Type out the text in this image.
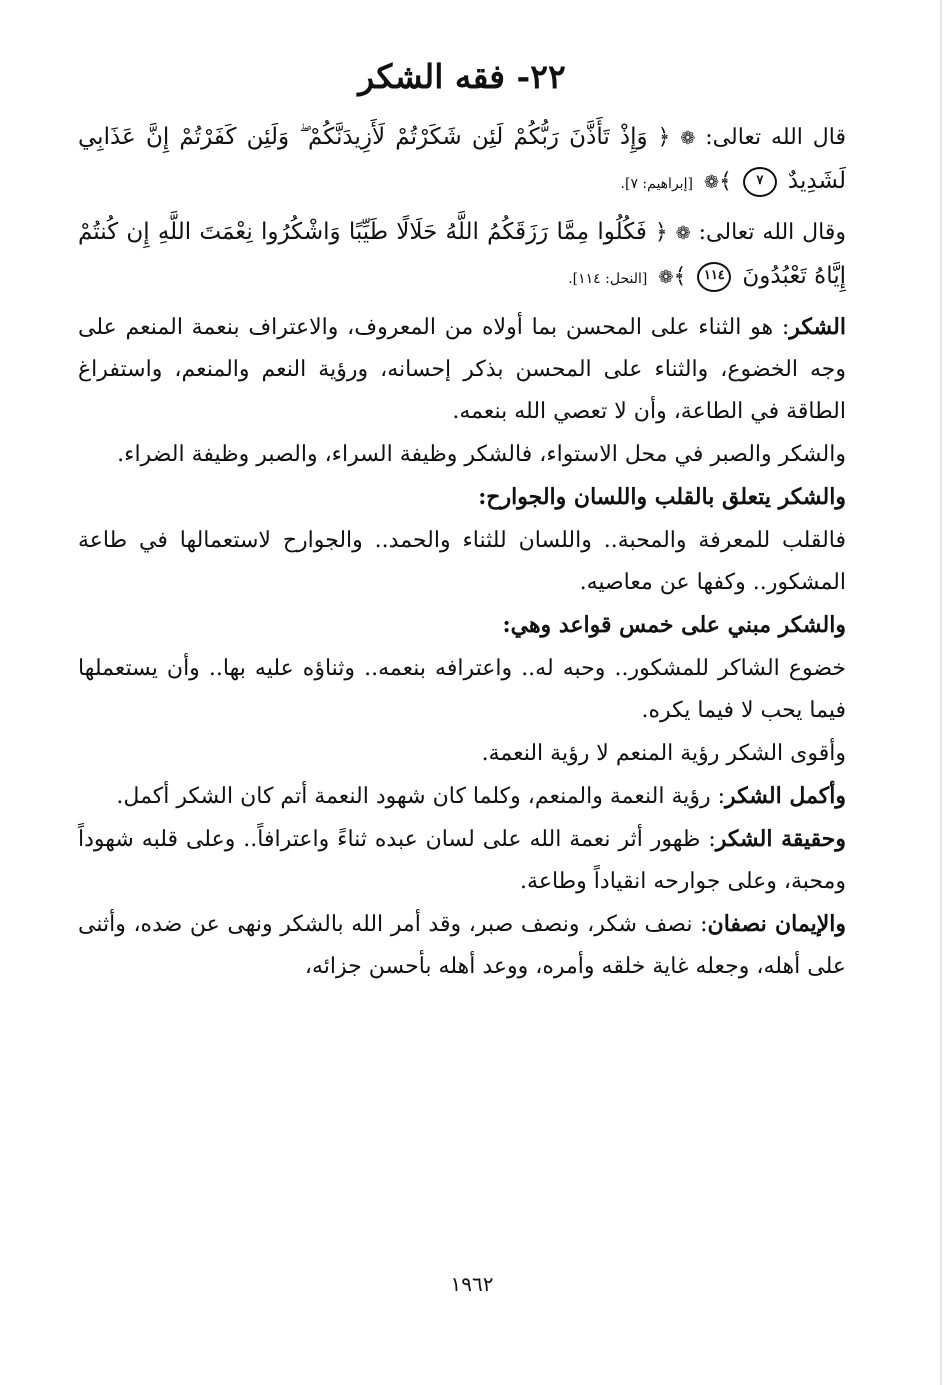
٢٢- فقه الشكر

قال الله تعالى: ❁ ﴿ وَإِذْ تَأَذَّنَ رَبُّكُمْ لَئِن شَكَرْتُمْ لَأَزِيدَنَّكُمْ ۖ وَلَئِن كَفَرْتُمْ إِنَّ عَذَابِي لَشَدِيدٌ ٧ ﴾❁ [إبراهيم: ٧].

وقال الله تعالى: ❁ ﴿ فَكُلُوا مِمَّا رَزَقَكُمُ اللَّهُ حَلَالًا طَيِّبًا وَاشْكُرُوا نِعْمَتَ اللَّهِ إِن كُنتُمْ إِيَّاهُ تَعْبُدُونَ ١١٤ ﴾❁ [النحل: ١١٤].

الشكر: هو الثناء على المحسن بما أولاه من المعروف، والاعتراف بنعمة المنعم على وجه الخضوع، والثناء على المحسن بذكر إحسانه، ورؤية النعم والمنعم، واستفراغ الطاقة في الطاعة، وأن لا تعصي الله بنعمه.

والشكر والصبر في محل الاستواء، فالشكر وظيفة السراء، والصبر وظيفة الضراء.

والشكر يتعلق بالقلب واللسان والجوارح:

فالقلب للمعرفة والمحبة.. واللسان للثناء والحمد.. والجوارح لاستعمالها في طاعة المشكور.. وكفها عن معاصيه.

والشكر مبني على خمس قواعد وهي:

خضوع الشاكر للمشكور.. وحبه له.. واعترافه بنعمه.. وثناؤه عليه بها.. وأن يستعملها فيما يحب لا فيما يكره.

وأقوى الشكر رؤية المنعم لا رؤية النعمة.

وأكمل الشكر: رؤية النعمة والمنعم، وكلما كان شهود النعمة أتم كان الشكر أكمل.

وحقيقة الشكر: ظهور أثر نعمة الله على لسان عبده ثناءً واعترافاً.. وعلى قلبه شهوداً ومحبة، وعلى جوارحه انقياداً وطاعة.

والإيمان نصفان: نصف شكر، ونصف صبر، وقد أمر الله بالشكر ونهى عن ضده، وأثنى على أهله، وجعله غاية خلقه وأمره، ووعد أهله بأحسن جزائه،

١٩٦٢
